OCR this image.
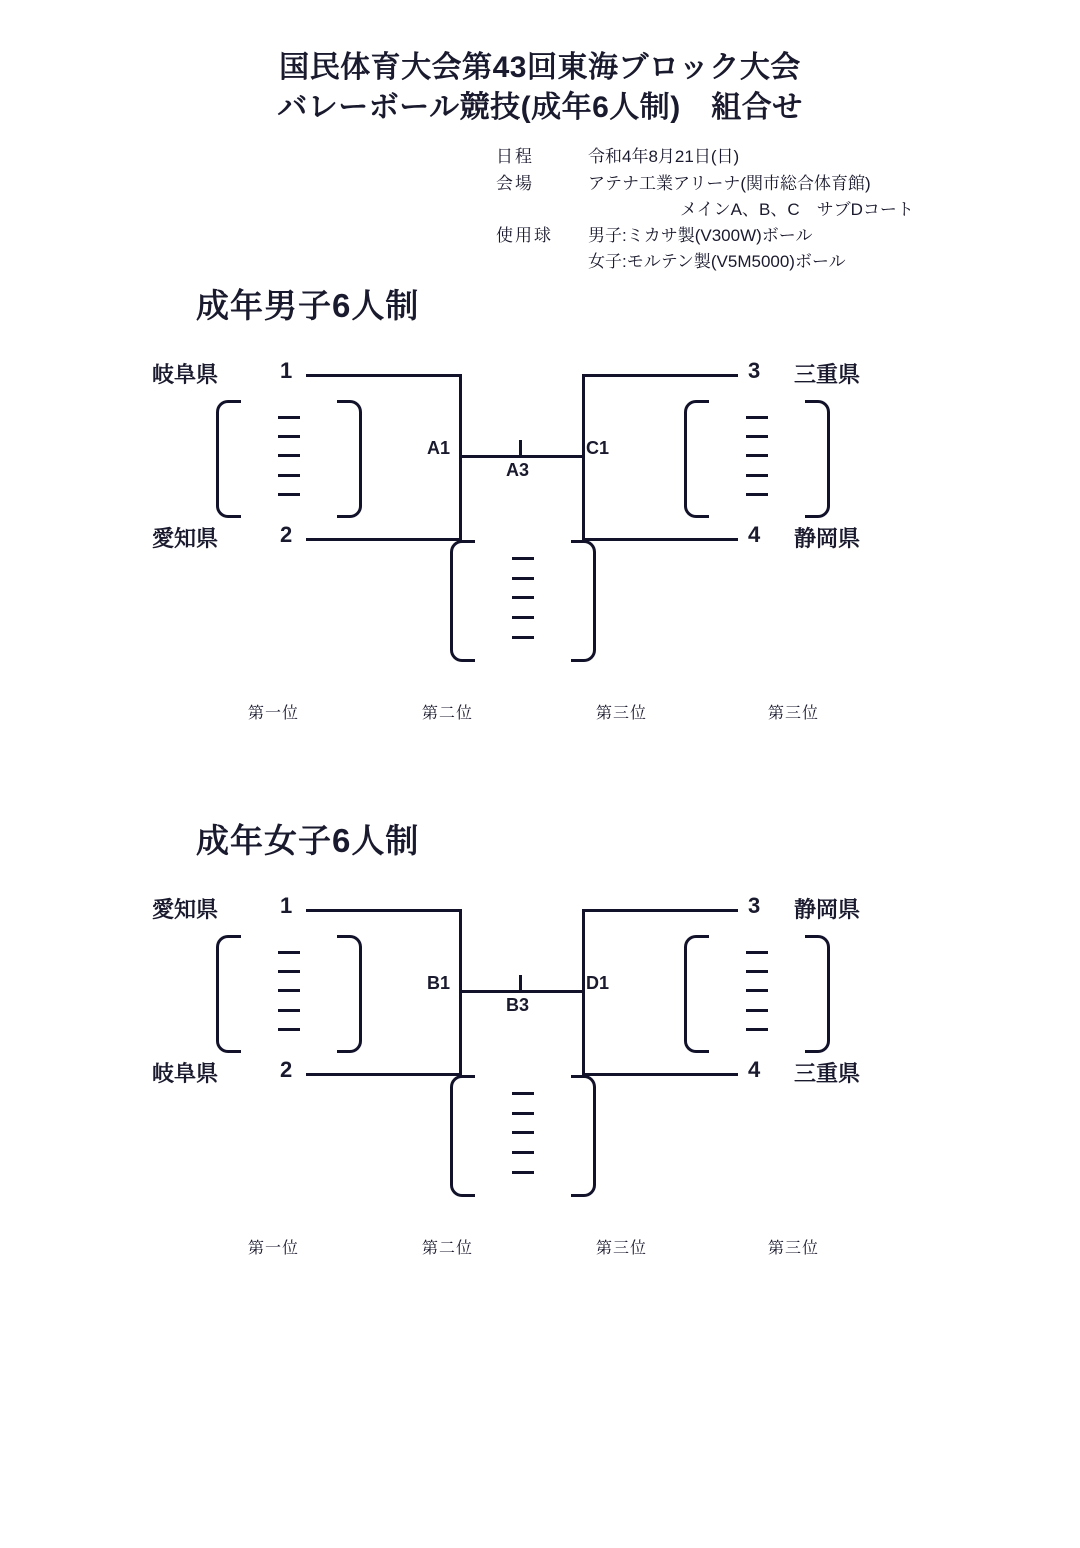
国民体育大会第43回東海ブロック大会
バレーボール競技(成年6人制)　組合せ
日程	令和4年8月21日(日)
会場	アテナ工業アリーナ(関市総合体育館)
メインA、B、C　サブDコート
使用球	男子:ミカサ製(V300W)ボール
女子:モルテン製(V5M5000)ボール
成年男子6人制
岐阜県	1
愛知県	2
3 三重県
4 静岡県
A1
A3
C1
第一位	第二位	第三位	第三位
成年女子6人制
愛知県	1
岐阜県	2
3 静岡県
4 三重県
B1
B3
D1
第一位	第二位	第三位	第三位
